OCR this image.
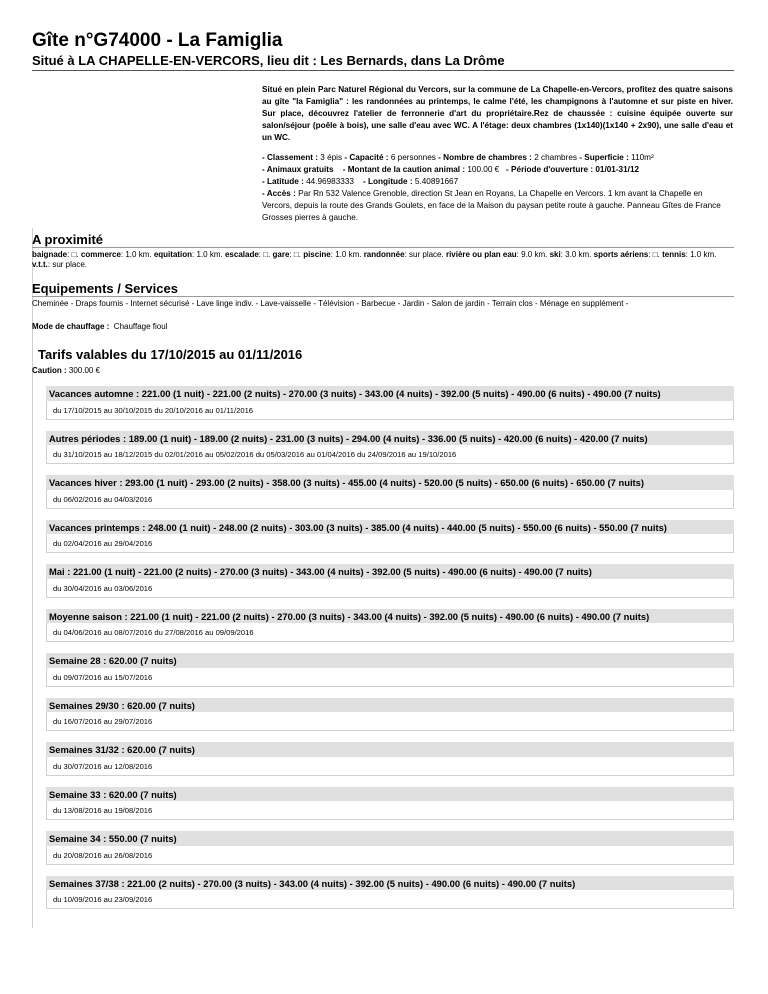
Gîte n°G74000 - La Famiglia
Situé à LA CHAPELLE-EN-VERCORS, lieu dit : Les Bernards, dans La Drôme
Situé en plein Parc Naturel Régional du Vercors, sur la commune de La Chapelle-en-Vercors, profitez des quatre saisons au gîte "la Famiglia" : les randonnées au printemps, le calme l'été, les champignons à l'automne et sur piste en hiver. Sur place, découvrez l'atelier de ferronnerie d'art du propriétaire.Rez de chaussée : cuisine équipée ouverte sur salon/séjour (poêle à bois), une salle d'eau avec WC. A l'étage: deux chambres (1x140)(1x140 + 2x90), une salle d'eau et un WC.
- Classement : 3 épis - Capacité : 6 personnes - Nombre de chambres : 2 chambres - Superficie : 110m²
- Animaux gratuits - Montant de la caution animal : 100.00 € - Période d'ouverture : 01/01-31/12
- Latitude : 44.96983333 - Longitude : 5.40891667
- Accès : Par Rn 532 Valence Grenoble, direction St Jean en Royans, La Chapelle en Vercors. 1 km avant la Chapelle en Vercors, depuis la route des Grands Goulets, en face de la Maison du paysan petite route à gauche. Panneau Gîtes de France Grosses pierres à gauche.
A proximité
baignade: □. commerce: 1.0 km. equitation: 1.0 km. escalade: □. gare: □. piscine: 1.0 km. randonnée: sur place. rivière ou plan eau: 9.0 km. ski: 3.0 km. sports aériens: □. tennis: 1.0 km. v.t.t.: sur place.
Equipements / Services
Cheminée - Draps fournis - Internet sécurisé - Lave linge indiv. - Lave-vaisselle - Télévision - Barbecue - Jardin - Salon de jardin - Terrain clos - Ménage en supplément -
Mode de chauffage : Chauffage fioul
Tarifs valables du 17/10/2015 au 01/11/2016
Caution : 300.00 €
Vacances automne : 221.00 (1 nuit) - 221.00 (2 nuits) - 270.00 (3 nuits) - 343.00 (4 nuits) - 392.00 (5 nuits) - 490.00 (6 nuits) - 490.00 (7 nuits)
du 17/10/2015 au 30/10/2015 du 20/10/2016 au 01/11/2016
Autres périodes : 189.00 (1 nuit) - 189.00 (2 nuits) - 231.00 (3 nuits) - 294.00 (4 nuits) - 336.00 (5 nuits) - 420.00 (6 nuits) - 420.00 (7 nuits)
du 31/10/2015 au 18/12/2015 du 02/01/2016 au 05/02/2016 du 05/03/2016 au 01/04/2016 du 24/09/2016 au 19/10/2016
Vacances hiver : 293.00 (1 nuit) - 293.00 (2 nuits) - 358.00 (3 nuits) - 455.00 (4 nuits) - 520.00 (5 nuits) - 650.00 (6 nuits) - 650.00 (7 nuits)
du 06/02/2016 au 04/03/2016
Vacances printemps : 248.00 (1 nuit) - 248.00 (2 nuits) - 303.00 (3 nuits) - 385.00 (4 nuits) - 440.00 (5 nuits) - 550.00 (6 nuits) - 550.00 (7 nuits)
du 02/04/2016 au 29/04/2016
Mai : 221.00 (1 nuit) - 221.00 (2 nuits) - 270.00 (3 nuits) - 343.00 (4 nuits) - 392.00 (5 nuits) - 490.00 (6 nuits) - 490.00 (7 nuits)
du 30/04/2016 au 03/06/2016
Moyenne saison : 221.00 (1 nuit) - 221.00 (2 nuits) - 270.00 (3 nuits) - 343.00 (4 nuits) - 392.00 (5 nuits) - 490.00 (6 nuits) - 490.00 (7 nuits)
du 04/06/2016 au 08/07/2016 du 27/08/2016 au 09/09/2016
Semaine 28 : 620.00 (7 nuits)
du 09/07/2016 au 15/07/2016
Semaines 29/30 : 620.00 (7 nuits)
du 16/07/2016 au 29/07/2016
Semaines 31/32 : 620.00 (7 nuits)
du 30/07/2016 au 12/08/2016
Semaine 33 : 620.00 (7 nuits)
du 13/08/2016 au 19/08/2016
Semaine 34 : 550.00 (7 nuits)
du 20/08/2016 au 26/08/2016
Semaines 37/38 : 221.00 (2 nuits) - 270.00 (3 nuits) - 343.00 (4 nuits) - 392.00 (5 nuits) - 490.00 (6 nuits) - 490.00 (7 nuits)
du 10/09/2016 au 23/09/2016
